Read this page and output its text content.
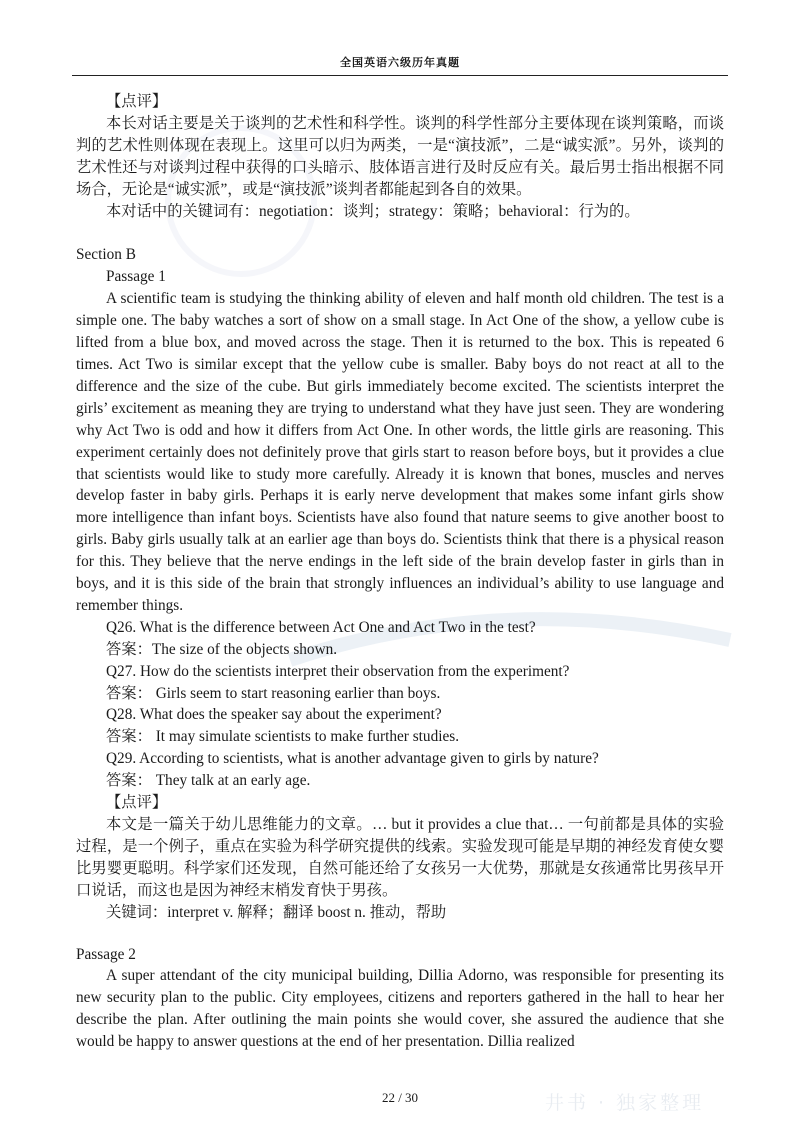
全国英语六级历年真题

【点评】

本长对话主要是关于谈判的艺术性和科学性。谈判的科学性部分主要体现在谈判策略，而谈判的艺术性则体现在表现上。这里可以归为两类，一是“演技派”，二是“诚实派”。另外，谈判的艺术性还与对谈判过程中获得的口头暗示、肢体语言进行及时反应有关。最后男士指出根据不同场合，无论是“诚实派”，或是“演技派”谈判者都能起到各自的效果。

本对话中的关键词有：negotiation：谈判；strategy：策略；behavioral：行为的。

Section B

Passage 1

A scientific team is studying the thinking ability of eleven and half month old children. The test is a simple one. The baby watches a sort of show on a small stage. In Act One of the show, a yellow cube is lifted from a blue box, and moved across the stage. Then it is returned to the box. This is repeated 6 times. Act Two is similar except that the yellow cube is smaller. Baby boys do not react at all to the difference and the size of the cube. But girls immediately become excited. The scientists interpret the girls’ excitement as meaning they are trying to understand what they have just seen. They are wondering why Act Two is odd and how it differs from Act One. In other words, the little girls are reasoning. This experiment certainly does not definitely prove that girls start to reason before boys, but it provides a clue that scientists would like to study more carefully. Already it is known that bones, muscles and nerves develop faster in baby girls. Perhaps it is early nerve development that makes some infant girls show more intelligence than infant boys. Scientists have also found that nature seems to give another boost to girls. Baby girls usually talk at an earlier age than boys do. Scientists think that there is a physical reason for this. They believe that the nerve endings in the left side of the brain develop faster in girls than in boys, and it is this side of the brain that strongly influences an individual’s ability to use language and remember things.

Q26. What is the difference between Act One and Act Two in the test?

答案：The size of the objects shown.

Q27. How do the scientists interpret their observation from the experiment?

答案： Girls seem to start reasoning earlier than boys.

Q28. What does the speaker say about the experiment?

答案： It may simulate scientists to make further studies.

Q29. According to scientists, what is another advantage given to girls by nature?

答案： They talk at an early age.

【点评】

本文是一篇关于幼儿思维能力的文章。… but it provides a clue that… 一句前都是具体的实验过程，是一个例子，重点在实验为科学研究提供的线索。实验发现可能是早期的神经发育使女婴比男婴更聪明。科学家们还发现，自然可能还给了女孩另一大优势，那就是女孩通常比男孩早开口说话，而这也是因为神经末梢发育快于男孩。

关键词：interpret v. 解释；翻译 boost n. 推动，帮助

Passage 2

A super attendant of the city municipal building, Dillia Adorno, was responsible for presenting its new security plan to the public. City employees, citizens and reporters gathered in the hall to hear her describe the plan. After outlining the main points she would cover, she assured the audience that she would be happy to answer questions at the end of her presentation. Dillia realized

22 / 30	井书 · 独家整理
